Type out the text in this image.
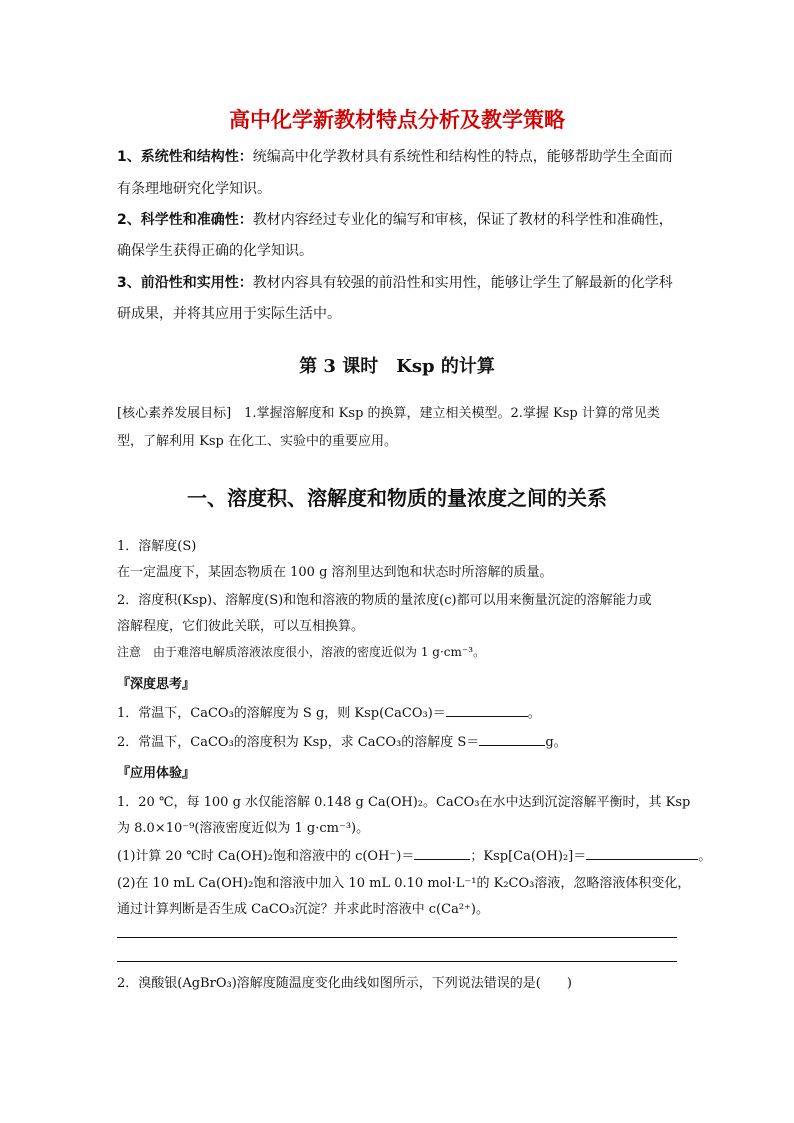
高中化学新教材特点分析及教学策略
1、系统性和结构性：统编高中化学教材具有系统性和结构性的特点，能够帮助学生全面而
有条理地研究化学知识。
2、科学性和准确性：教材内容经过专业化的编写和审核，保证了教材的科学性和准确性，
确保学生获得正确的化学知识。
3、前沿性和实用性：教材内容具有较强的前沿性和实用性，能够让学生了解最新的化学科
研成果，并将其应用于实际生活中。
第 3 课时　Ksp 的计算
[核心素养发展目标]　1.掌握溶解度和 Ksp 的换算，建立相关模型。2.掌握 Ksp 计算的常见类
型，了解利用 Ksp 在化工、实验中的重要应用。
一、溶度积、溶解度和物质的量浓度之间的关系
1．溶解度(S)
在一定温度下，某固态物质在 100 g 溶剂里达到饱和状态时所溶解的质量。
2．溶度积(Ksp)、溶解度(S)和饱和溶液的物质的量浓度(c)都可以用来衡量沉淀的溶解能力或
溶解程度，它们彼此关联，可以互相换算。
注意　由于难溶电解质溶液浓度很小，溶液的密度近似为 1 g·cm⁻³。
『深度思考』
1．常温下，CaCO₃的溶解度为 S g，则 Ksp(CaCO₃)＝	。
2．常温下，CaCO₃的溶度积为 Ksp，求 CaCO₃的溶解度 S＝	g。
『应用体验』
1．20 ℃，每 100 g 水仅能溶解 0.148 g Ca(OH)₂。CaCO₃在水中达到沉淀溶解平衡时，其 Ksp
为 8.0×10⁻⁹(溶液密度近似为 1 g·cm⁻³)。
(1)计算 20 ℃时 Ca(OH)₂饱和溶液中的 c(OH⁻)＝	；Ksp[Ca(OH)₂]＝	。
(2)在 10 mL Ca(OH)₂饱和溶液中加入 10 mL 0.10 mol·L⁻¹的 K₂CO₃溶液，忽略溶液体积变化，
通过计算判断是否生成 CaCO₃沉淀？并求此时溶液中 c(Ca²⁺)。
2．溴酸银(AgBrO₃)溶解度随温度变化曲线如图所示，下列说法错误的是(　　)
